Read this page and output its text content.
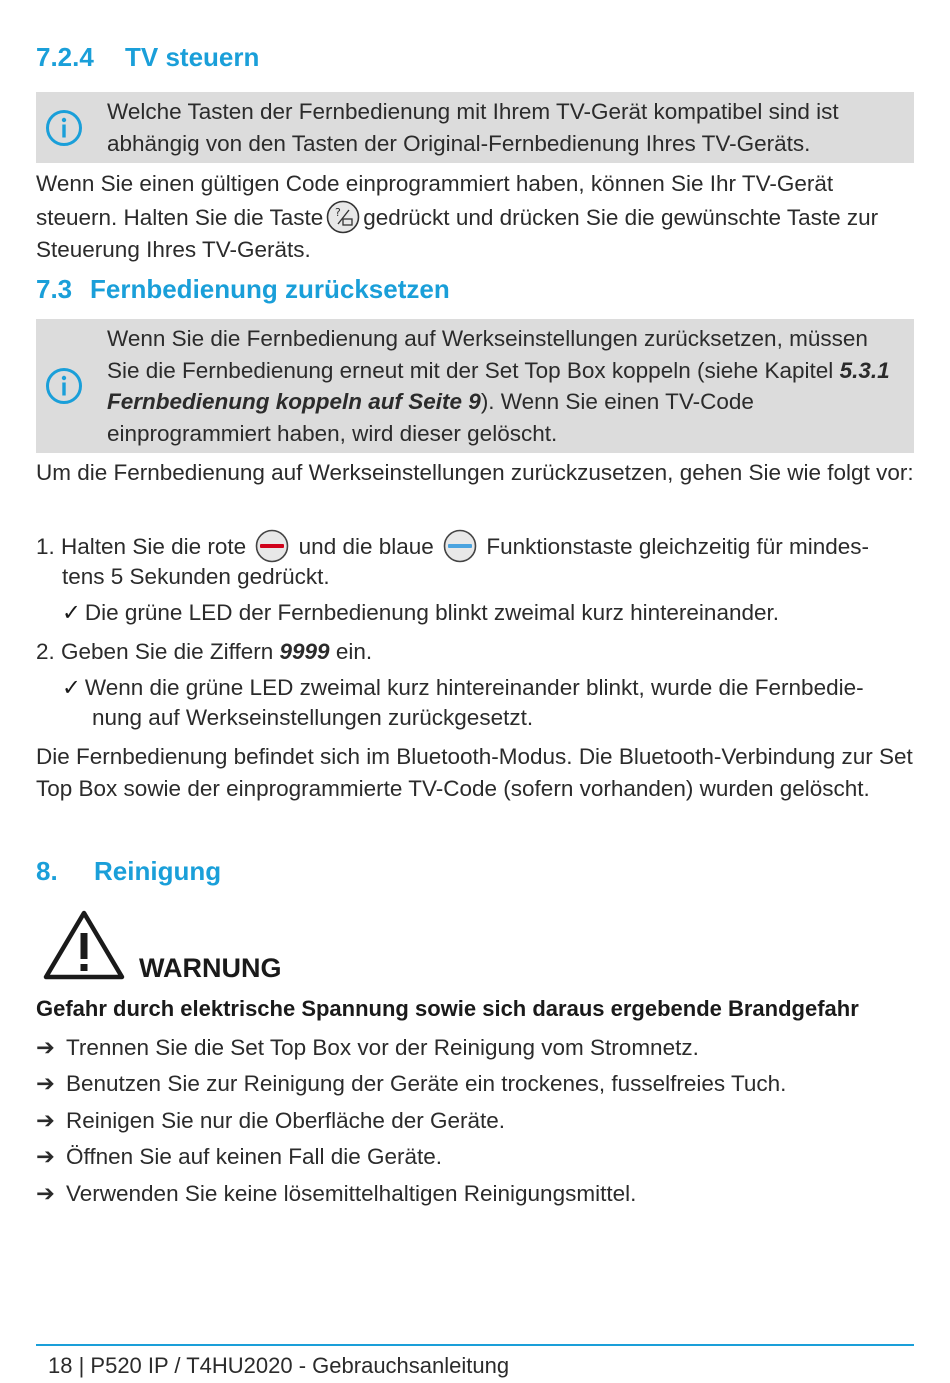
7.2.4 TV steuern
Welche Tasten der Fernbedienung mit Ihrem TV-Gerät kompatibel sind ist abhängig von den Tasten der Original-Fernbedienung Ihres TV-Geräts.
Wenn Sie einen gültigen Code einprogrammiert haben, können Sie Ihr TV-Gerät steuern. Halten Sie die Taste ? gedrückt und drücken Sie die gewünschte Taste zur Steuerung Ihres TV-Geräts.
7.3 Fernbedienung zurücksetzen
Wenn Sie die Fernbedienung auf Werkseinstellungen zurücksetzen, müssen Sie die Fernbedienung erneut mit der Set Top Box koppeln (siehe Kapitel 5.3.1 Fernbedienung koppeln auf Seite 9). Wenn Sie einen TV-Code einprogrammiert haben, wird dieser gelöscht.
Um die Fernbedienung auf Werkseinstellungen zurückzusetzen, gehen Sie wie folgt vor:
1. Halten Sie die rote und die blaue Funktionstaste gleichzeitig für mindes-
tens 5 Sekunden gedrückt.
✓ Die grüne LED der Fernbedienung blinkt zweimal kurz hintereinander.
2. Geben Sie die Ziffern 9999 ein.
✓ Wenn die grüne LED zweimal kurz hintereinander blinkt, wurde die Fernbedie-
nung auf Werkseinstellungen zurückgesetzt.
Die Fernbedienung befindet sich im Bluetooth-Modus. Die Bluetooth-Verbindung zur Set Top Box sowie der einprogrammierte TV-Code (sofern vorhanden) wurden gelöscht.
8. Reinigung
WARNUNG
Gefahr durch elektrische Spannung sowie sich daraus ergebende Brandgefahr
➔ Trennen Sie die Set Top Box vor der Reinigung vom Stromnetz.
➔ Benutzen Sie zur Reinigung der Geräte ein trockenes, fusselfreies Tuch.
➔ Reinigen Sie nur die Oberfläche der Geräte.
➔ Öffnen Sie auf keinen Fall die Geräte.
➔ Verwenden Sie keine lösemittelhaltigen Reinigungsmittel.
18 | P520 IP / T4HU2020 - Gebrauchsanleitung
